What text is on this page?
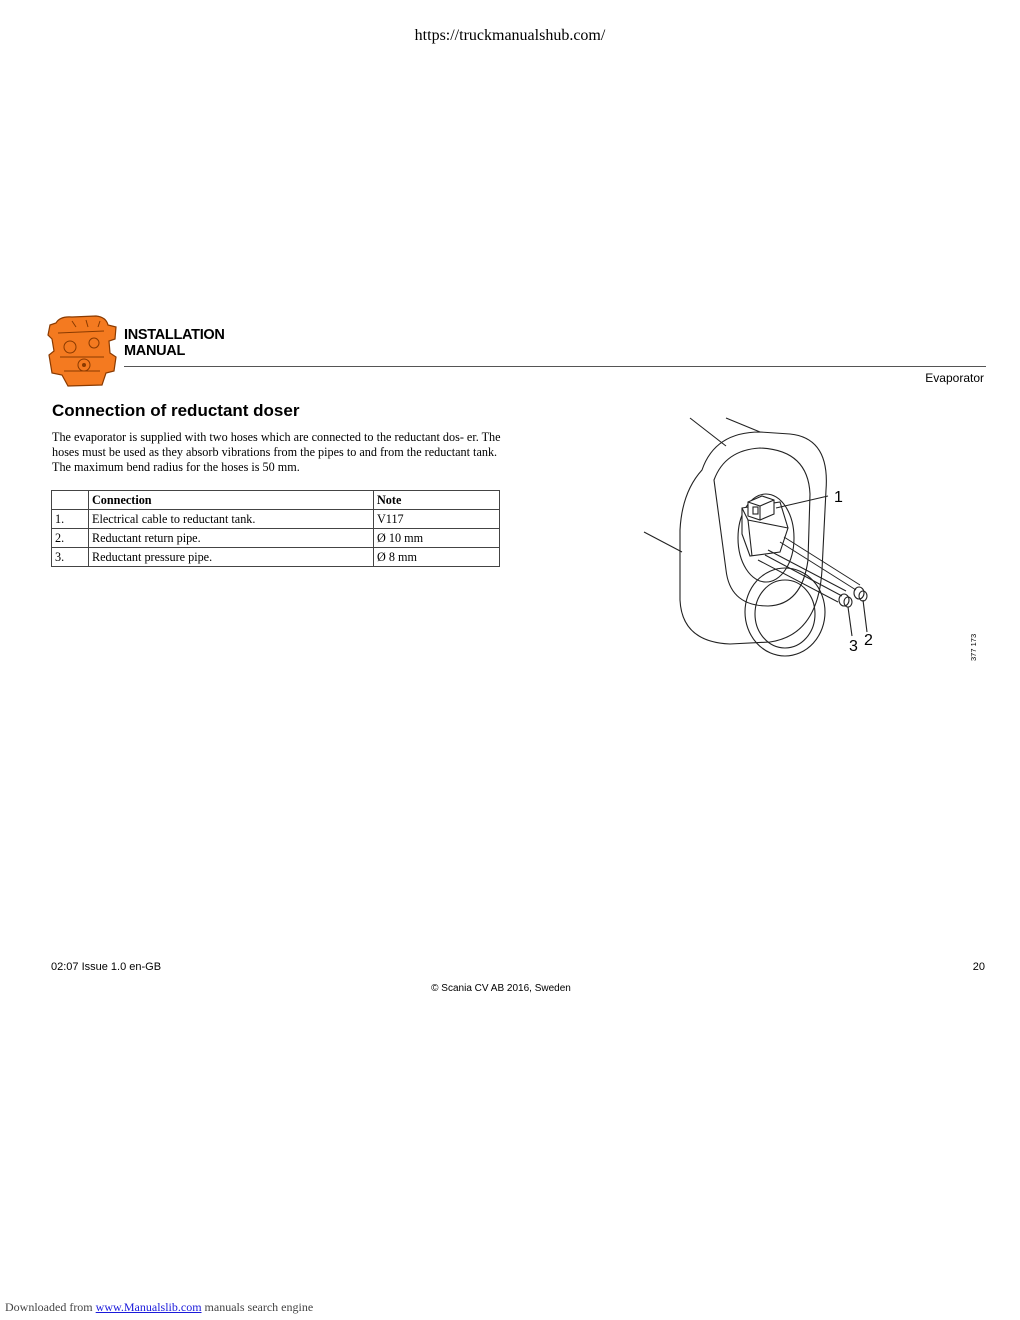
https://truckmanualshub.com/
INSTALLATION
MANUAL
Evaporator
Connection of reductant doser
The evaporator is supplied with two hoses which are connected to the reductant dos- er. The hoses must be used as they absorb vibrations from the pipes to and from the reductant tank. The maximum bend radius for the hoses is 50 mm.
	Connection	Note
1.	Electrical cable to reductant tank.	V117
2.	Reductant return pipe.	Ø 10 mm
3.	Reductant pressure pipe.	Ø 8 mm
1
2
3	377 173
02:07 Issue 1.0 en-GB	20
© Scania CV AB 2016, Sweden
Downloaded from www.Manualslib.com manuals search engine
